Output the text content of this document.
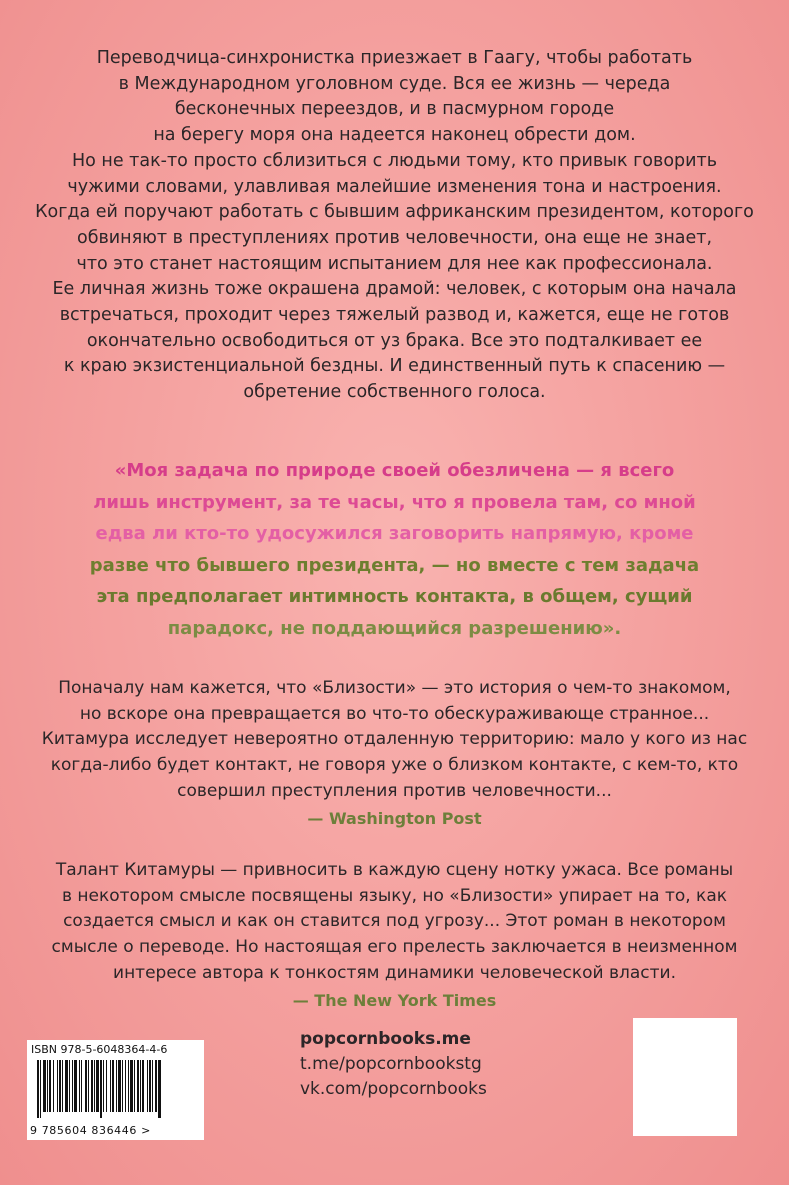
Переводчица-синхронистка приезжает в Гаагу, чтобы работать
в Международном уголовном суде. Вся ее жизнь — череда
бесконечных переездов, и в пасмурном городе
на берегу моря она надеется наконец обрести дом.
Но не так-то просто сблизиться с людьми тому, кто привык говорить
чужими словами, улавливая малейшие изменения тона и настроения.
Когда ей поручают работать с бывшим африканским президентом, которого
обвиняют в преступлениях против человечности, она еще не знает,
что это станет настоящим испытанием для нее как профессионала.
Ее личная жизнь тоже окрашена драмой: человек, с которым она начала
встречаться, проходит через тяжелый развод и, кажется, еще не готов
окончательно освободиться от уз брака. Все это подталкивает ее
к краю экзистенциальной бездны. И единственный путь к спасению —
обретение собственного голоса.
«Моя задача по природе своей обезличена — я всего
лишь инструмент, за те часы, что я провела там, со мной
едва ли кто-то удосужился заговорить напрямую, кроме
разве что бывшего президента, — но вместе с тем задача
эта предполагает интимность контакта, в общем, сущий
парадокс, не поддающийся разрешению».
Поначалу нам кажется, что «Близости» — это история о чем-то знакомом,
но вскоре она превращается во что-то обескураживающе странное...
Китамура исследует невероятно отдаленную территорию: мало у кого из нас
когда-либо будет контакт, не говоря уже о близком контакте, с кем-то, кто
совершил преступления против человечности...
— Washington Post
Талант Китамуры — привносить в каждую сцену нотку ужаса. Все романы
в некотором смысле посвящены языку, но «Близости» упирает на то, как
создается смысл и как он ставится под угрозу... Этот роман в некотором
смысле о переводе. Но настоящая его прелесть заключается в неизменном
интересе автора к тонкостям динамики человеческой власти.
— The New York Times
ISBN 978-5-6048364-4-6
9 785604 836446 >
popcornbooks.me
t.me/popcornbookstg
vk.com/popcornbooks
